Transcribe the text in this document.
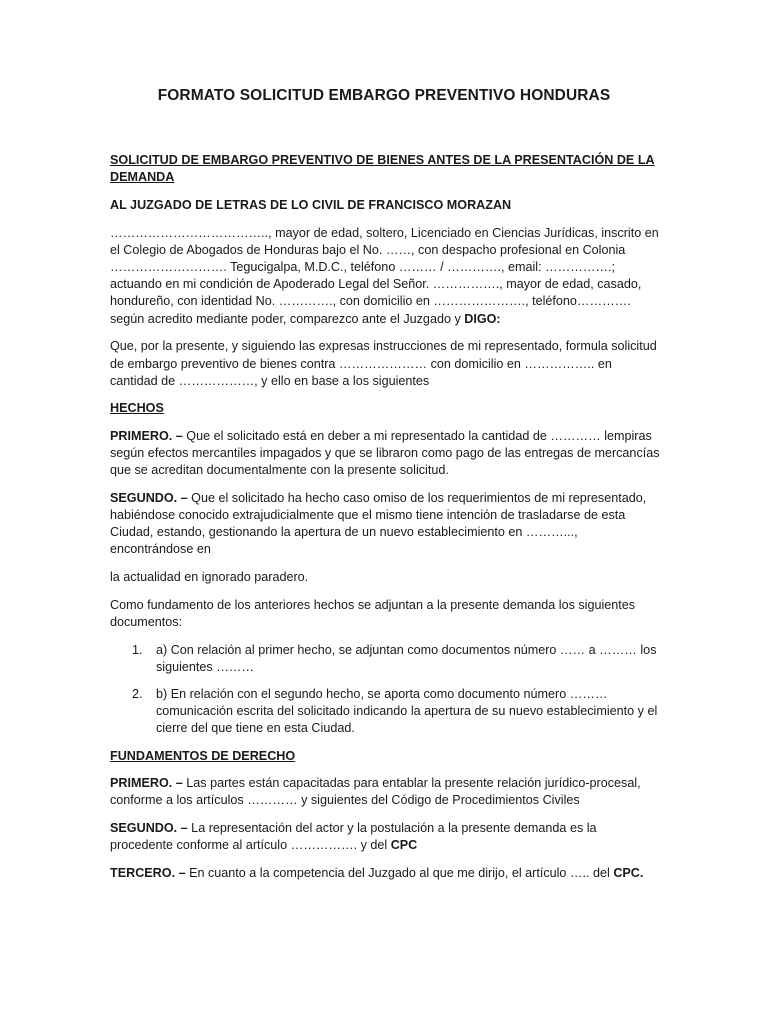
FORMATO SOLICITUD EMBARGO PREVENTIVO HONDURAS

SOLICITUD DE EMBARGO PREVENTIVO DE BIENES ANTES DE LA PRESENTACIÓN DE LA DEMANDA

AL JUZGADO DE LETRAS DE LO CIVIL DE FRANCISCO MORAZAN

……………………………….., mayor de edad, soltero, Licenciado en Ciencias Jurídicas, inscrito en el Colegio de Abogados de Honduras bajo el No. ……, con despacho profesional en Colonia ………………………. Tegucigalpa, M.D.C., teléfono ……… / …………., email: …………….; actuando en mi condición de Apoderado Legal del Señor. ……………., mayor de edad, casado, hondureño, con identidad No. …………., con domicilio en …………………., teléfono…………. según acredito mediante poder, comparezco ante el Juzgado y DIGO:

Que, por la presente, y siguiendo las expresas instrucciones de mi representado, formula solicitud de embargo preventivo de bienes contra ………………… con domicilio en …………….. en cantidad de ………………, y ello en base a los siguientes

HECHOS

PRIMERO. – Que el solicitado está en deber a mi representado la cantidad de ………… lempiras según efectos mercantiles impagados y que se libraron como pago de las entregas de mercancías que se acreditan documentalmente con la presente solicitud.

SEGUNDO. – Que el solicitado ha hecho caso omiso de los requerimientos de mi representado, habiéndose conocido extrajudicialmente que el mismo tiene intención de trasladarse de esta Ciudad, estando, gestionando la apertura de un nuevo establecimiento en ………..., encontrándose en

la actualidad en ignorado paradero.

Como fundamento de los anteriores hechos se adjuntan a la presente demanda los siguientes documentos:

1. a) Con relación al primer hecho, se adjuntan como documentos número …… a ……… los siguientes ………
2. b) En relación con el segundo hecho, se aporta como documento número ……… comunicación escrita del solicitado indicando la apertura de su nuevo establecimiento y el cierre del que tiene en esta Ciudad.

FUNDAMENTOS DE DERECHO

PRIMERO. – Las partes están capacitadas para entablar la presente relación jurídico-procesal, conforme a los artículos ………… y siguientes del Código de Procedimientos Civiles

SEGUNDO. – La representación del actor y la postulación a la presente demanda es la procedente conforme al artículo ……………. y del CPC

TERCERO. – En cuanto a la competencia del Juzgado al que me dirijo, el artículo ….. del CPC.
